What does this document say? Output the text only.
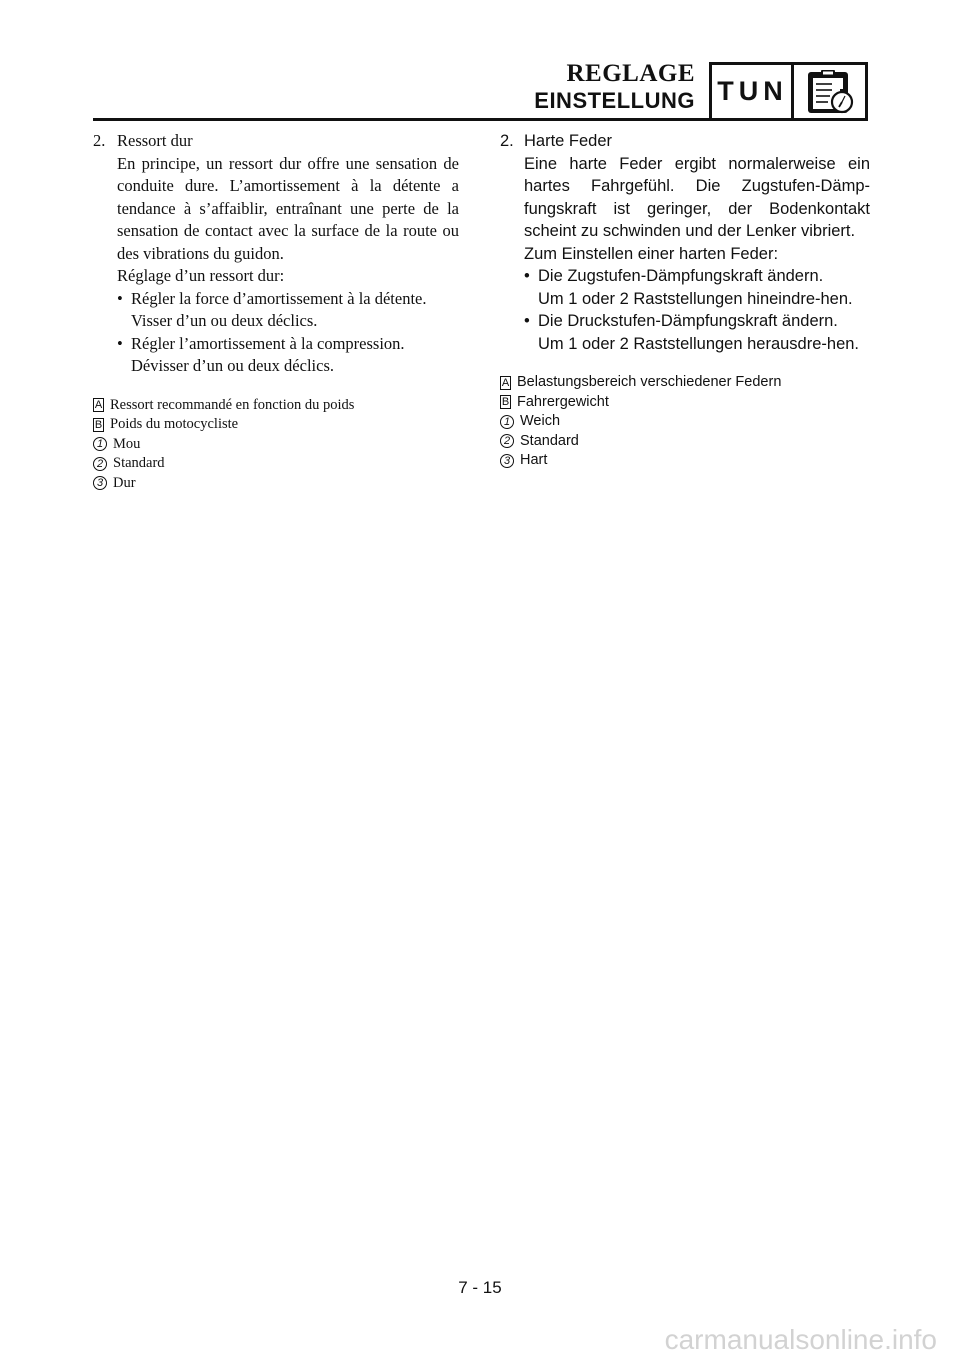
REGLAGE
EINSTELLUNG TUN
2. Ressort dur
En principe, un ressort dur offre une sensation de conduite dure. L’amortissement à la détente a tendance à s’affaiblir, entraînant une perte de la sensation de contact avec la surface de la route ou des vibrations du guidon.
Réglage d’un ressort dur:
• Régler la force d’amortissement à la détente.
Visser d’un ou deux déclics.
• Régler l’amortissement à la compression.
Dévisser d’un ou deux déclics.
A Ressort recommandé en fonction du poids
B Poids du motocycliste
1 Mou
2 Standard
3 Dur
2. Harte Feder
Eine harte Feder ergibt normalerweise ein hartes Fahrgefühl. Die Zugstufen-Dämp-fungskraft ist geringer, der Bodenkontakt scheint zu schwinden und der Lenker vibriert.
Zum Einstellen einer harten Feder:
• Die Zugstufen-Dämpfungskraft ändern.
Um 1 oder 2 Raststellungen hineindre-hen.
• Die Druckstufen-Dämpfungskraft ändern.
Um 1 oder 2 Raststellungen herausdre-hen.
A Belastungsbereich verschiedener Federn
B Fahrergewicht
1 Weich
2 Standard
3 Hart
7 - 15
carmanualsonline.info
